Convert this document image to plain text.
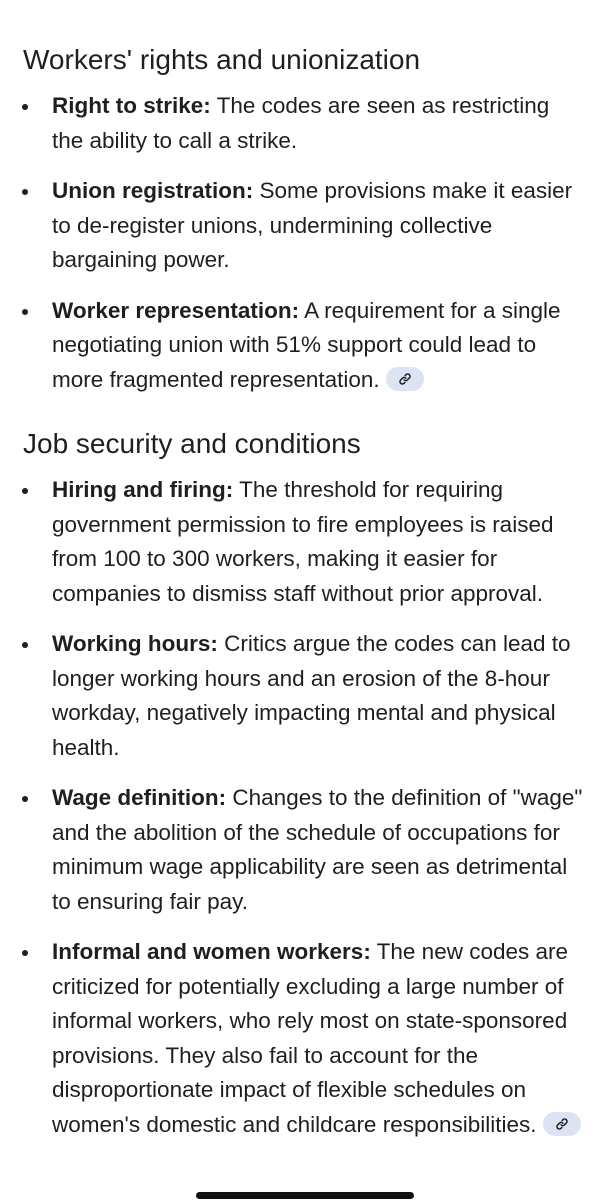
Workers' rights and unionization
Right to strike: The codes are seen as restricting the ability to call a strike.
Union registration: Some provisions make it easier to de-register unions, undermining collective bargaining power.
Worker representation: A requirement for a single negotiating union with 51% support could lead to more fragmented representation.
Job security and conditions
Hiring and firing: The threshold for requiring government permission to fire employees is raised from 100 to 300 workers, making it easier for companies to dismiss staff without prior approval.
Working hours: Critics argue the codes can lead to longer working hours and an erosion of the 8-hour workday, negatively impacting mental and physical health.
Wage definition: Changes to the definition of "wage" and the abolition of the schedule of occupations for minimum wage applicability are seen as detrimental to ensuring fair pay.
Informal and women workers: The new codes are criticized for potentially excluding a large number of informal workers, who rely most on state-sponsored provisions. They also fail to account for the disproportionate impact of flexible schedules on women's domestic and childcare responsibilities.
